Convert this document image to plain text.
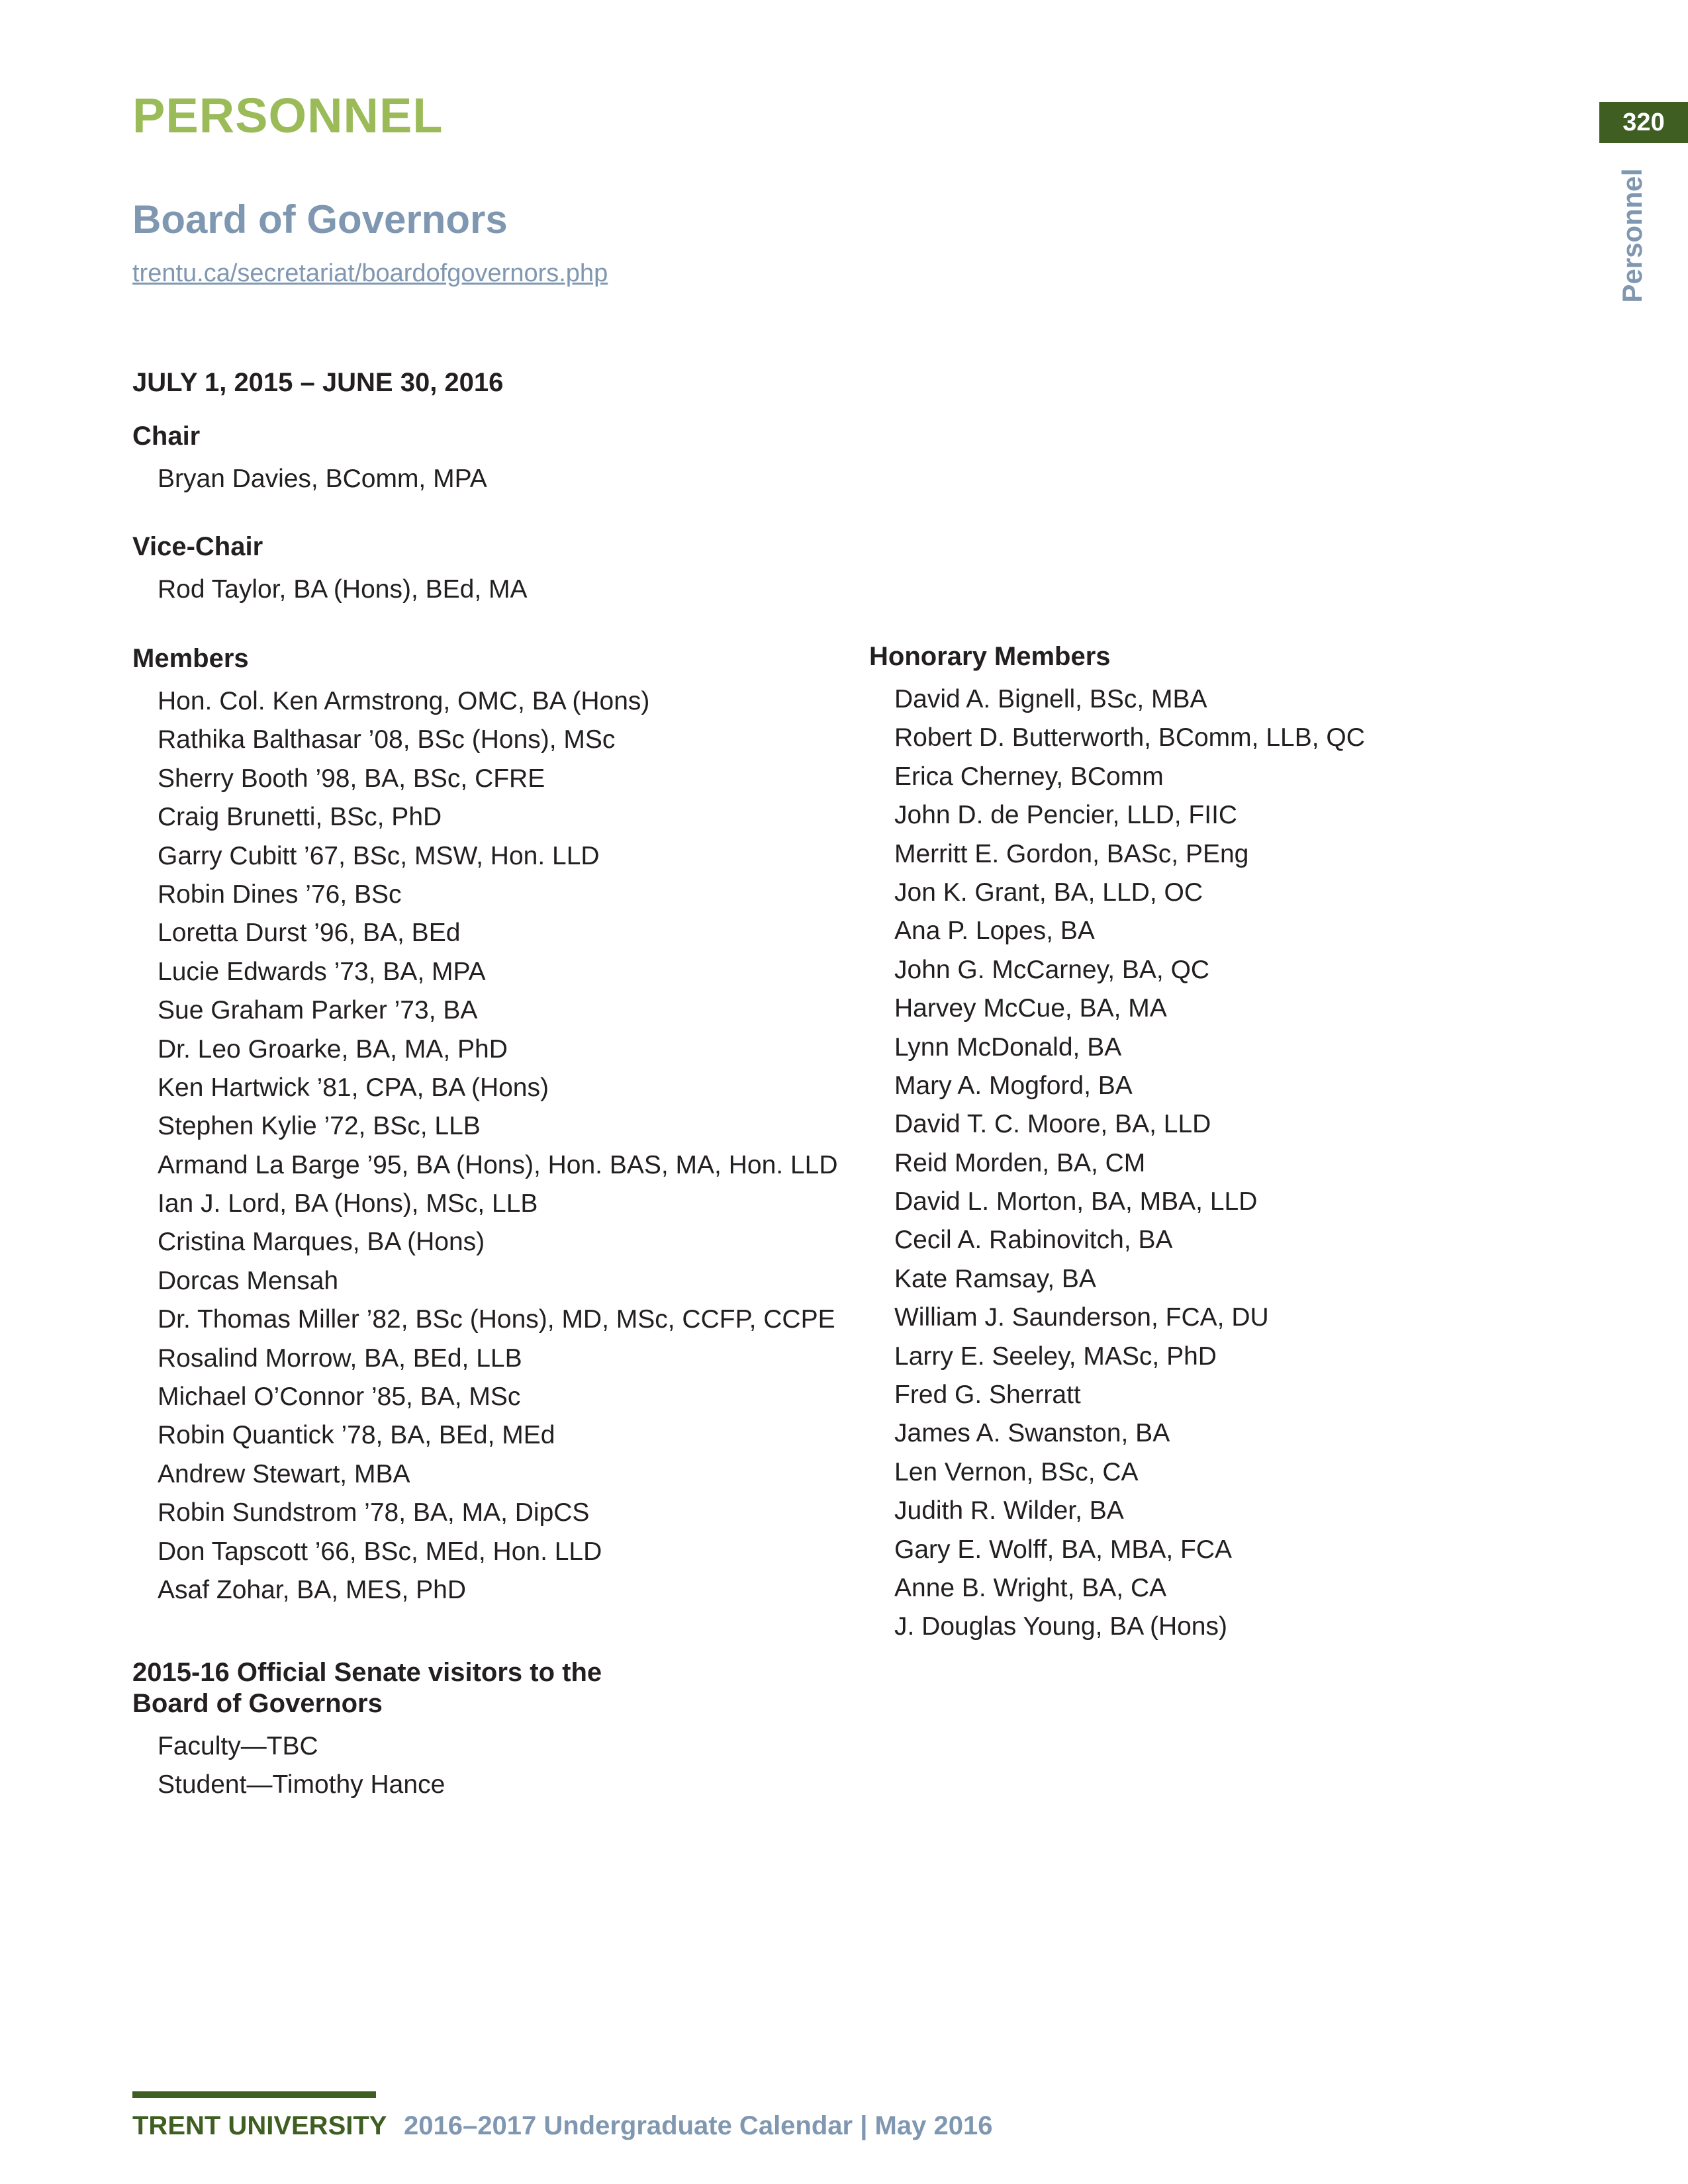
PERSONNEL	320
Personnel
Board of Governors
trentu.ca/secretariat/boardofgovernors.php
JULY 1, 2015 – JUNE 30, 2016
Chair
Bryan Davies, BComm, MPA
Vice-Chair
Rod Taylor, BA (Hons), BEd, MA
Members
Hon. Col. Ken Armstrong, OMC, BA (Hons)
Rathika Balthasar ’08, BSc (Hons), MSc
Sherry Booth ’98, BA, BSc, CFRE
Craig Brunetti, BSc, PhD
Garry Cubitt ’67, BSc, MSW, Hon. LLD
Robin Dines ’76, BSc
Loretta Durst ’96, BA, BEd
Lucie Edwards ’73, BA, MPA
Sue Graham Parker ’73, BA
Dr. Leo Groarke, BA, MA, PhD
Ken Hartwick ’81, CPA, BA (Hons)
Stephen Kylie ’72, BSc, LLB
Armand La Barge ’95, BA (Hons), Hon. BAS, MA, Hon. LLD
Ian J. Lord, BA (Hons), MSc, LLB
Cristina Marques, BA (Hons)
Dorcas Mensah
Dr. Thomas Miller ’82, BSc (Hons), MD, MSc, CCFP, CCPE
Rosalind Morrow, BA, BEd, LLB
Michael O’Connor ’85, BA, MSc
Robin Quantick ’78, BA, BEd, MEd
Andrew Stewart, MBA
Robin Sundstrom ’78, BA, MA, DipCS
Don Tapscott ’66, BSc, MEd, Hon. LLD
Asaf Zohar, BA, MES, PhD
2015-16 Official Senate visitors to the
Board of Governors
Faculty—TBC
Student—Timothy Hance
Honorary Members
David A. Bignell, BSc, MBA
Robert D. Butterworth, BComm, LLB, QC
Erica Cherney, BComm
John D. de Pencier, LLD, FIIC
Merritt E. Gordon, BASc, PEng
Jon K. Grant, BA, LLD, OC
Ana P. Lopes, BA
John G. McCarney, BA, QC
Harvey McCue, BA, MA
Lynn McDonald, BA
Mary A. Mogford, BA
David T. C. Moore, BA, LLD
Reid Morden, BA, CM
David L. Morton, BA, MBA, LLD
Cecil A. Rabinovitch, BA
Kate Ramsay, BA
William J. Saunderson, FCA, DU
Larry E. Seeley, MASc, PhD
Fred G. Sherratt
James A. Swanston, BA
Len Vernon, BSc, CA
Judith R. Wilder, BA
Gary E. Wolff, BA, MBA, FCA
Anne B. Wright, BA, CA
J. Douglas Young, BA (Hons)
TRENT UNIVERSITY 2016–2017 Undergraduate Calendar | May 2016
